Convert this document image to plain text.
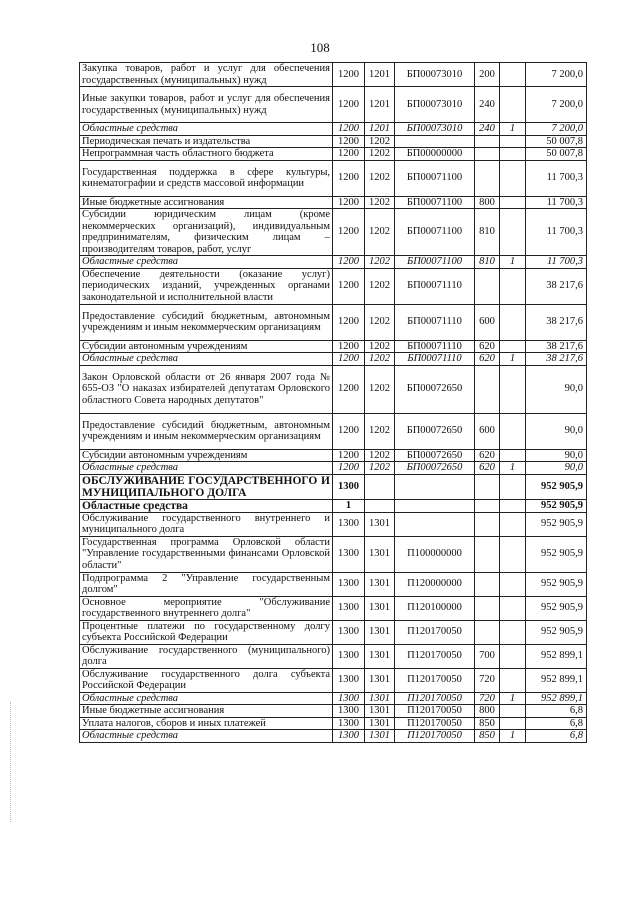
108
Закупка товаров, работ и услуг для обеспечения государственных (муниципальных) нужд	1200	1201	БП00073010	200		7 200,0
Иные закупки товаров, работ и услуг для обеспечения государственных (муниципальных) нужд	1200	1201	БП00073010	240		7 200,0
Областные средства	1200	1201	БП00073010	240	1	7 200,0
Периодическая печать и издательства	1200	1202				50 007,8
Непрограммная часть областного бюджета	1200	1202	БП00000000			50 007,8
Государственная поддержка в сфере культуры, кинематографии и средств массовой информации	1200	1202	БП00071100			11 700,3
Иные бюджетные ассигнования	1200	1202	БП00071100	800		11 700,3
Субсидии юридическим лицам (кроме некоммерческих организаций), индивидуальным предпринимателям, физическим лицам – производителям товаров, работ, услуг	1200	1202	БП00071100	810		11 700,3
Областные средства	1200	1202	БП00071100	810	1	11 700,3
Обеспечение деятельности (оказание услуг) периодических изданий, учрежденных органами законодательной и исполнительной власти	1200	1202	БП00071110			38 217,6
Предоставление субсидий бюджетным, автономным учреждениям и иным некоммерческим организациям	1200	1202	БП00071110	600		38 217,6
Субсидии автономным учреждениям	1200	1202	БП00071110	620		38 217,6
Областные средства	1200	1202	БП00071110	620	1	38 217,6
Закон Орловской области от 26 января 2007 года № 655-ОЗ "О наказах избирателей депутатам Орловского областного Совета народных депутатов"	1200	1202	БП00072650			90,0
Предоставление субсидий бюджетным, автономным учреждениям и иным некоммерческим организациям	1200	1202	БП00072650	600		90,0
Субсидии автономным учреждениям	1200	1202	БП00072650	620		90,0
Областные средства	1200	1202	БП00072650	620	1	90,0
ОБСЛУЖИВАНИЕ ГОСУДАРСТВЕННОГО И МУНИЦИПАЛЬНОГО ДОЛГА	1300					952 905,9
Областные средства	1					952 905,9
Обслуживание государственного внутреннего и муниципального долга	1300	1301				952 905,9
Государственная программа Орловской области "Управление государственными финансами Орловской области"	1300	1301	П100000000			952 905,9
Подпрограмма 2 "Управление государственным долгом"	1300	1301	П120000000			952 905,9
Основное мероприятие "Обслуживание государственного внутреннего долга"	1300	1301	П120100000			952 905,9
Процентные платежи по государственному долгу субъекта Российской Федерации	1300	1301	П120170050			952 905,9
Обслуживание государственного (муниципального) долга	1300	1301	П120170050	700		952 899,1
Обслуживание государственного долга субъекта Российской Федерации	1300	1301	П120170050	720		952 899,1
Областные средства	1300	1301	П120170050	720	1	952 899,1
Иные бюджетные ассигнования	1300	1301	П120170050	800		6,8
Уплата налогов, сборов и иных платежей	1300	1301	П120170050	850		6,8
Областные средства	1300	1301	П120170050	850	1	6,8
